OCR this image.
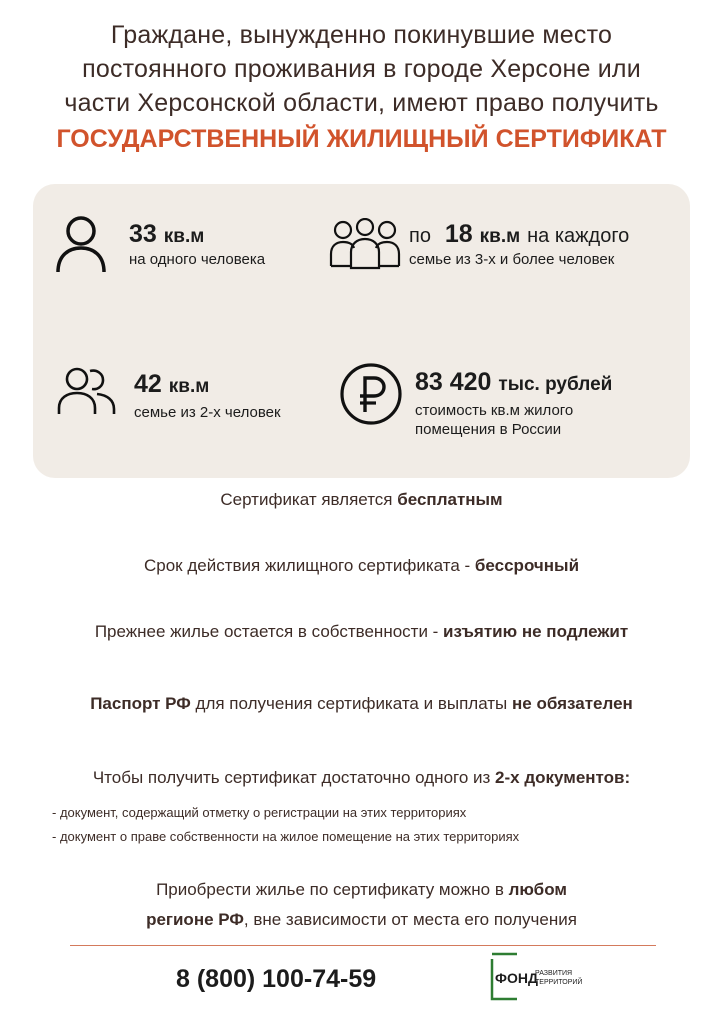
Граждане, вынужденно покинувшие место
постоянного проживания в городе Херсоне или
части Херсонской области, имеют право получить
ГОСУДАРСТВЕННЫЙ ЖИЛИЩНЫЙ СЕРТИФИКАТ
33 кв.м
на одного человека
по 18 кв.м на каждого
семье из 3-х и более человек
42 кв.м
семье из 2-х человек
83 420 тыс. рублей
стоимость кв.м жилого
помещения в России
Сертификат является бесплатным
Срок действия жилищного сертификата - бессрочный
Прежнее жилье остается в собственности - изъятию не подлежит
Паспорт РФ для получения сертификата и выплаты не обязателен
Чтобы получить сертификат достаточно одного из 2-х документов:
- документ, содержащий отметку о регистрации на этих территориях
- документ о праве собственности на жилое помещение на этих территориях
Приобрести жилье по сертификату можно в любом
регионе РФ, вне зависимости от места его получения
8 (800) 100-74-59	ФОНД
РАЗВИТИЯ
ТЕРРИТОРИЙ
